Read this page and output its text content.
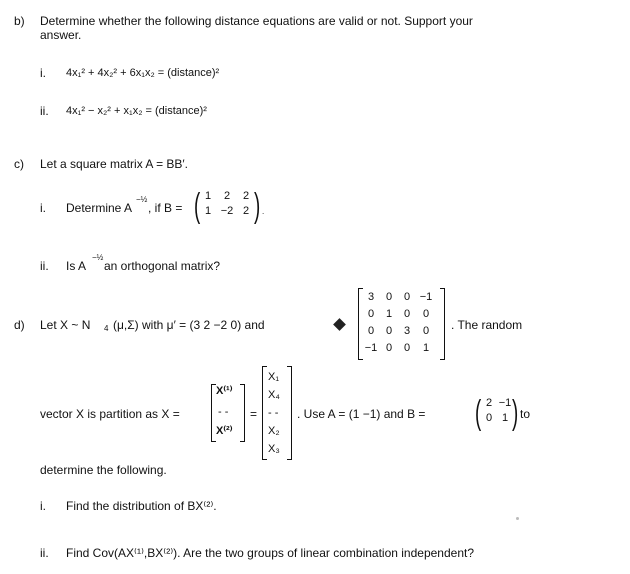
b) Determine whether the following distance equations are valid or not. Support your
answer.
i. 4x₁² + 4x₂² + 6x₁x₂ = (distance)²
ii. 4x₁² − x₂² + x₁x₂ = (distance)²
c) Let a square matrix A = BB′.
i. Determine A
−½
, if B = ( 1	2	2
1 −2 2 ) .
ii. Is A
−½
an orthogonal matrix?
d) Let X ~ N 4 (μ,Σ) with μ′ = (3 2 −2 0) and
3	0	0 −1
0	1	0	0
0	0	3	0
−1 0	0	1
. The random
vector X is partition as X =
X⁽¹⁾
- -
X⁽²⁾
=
X₁
X₄
- -
X₂
X₃
. Use A = (1 −1) and B = ( 2 −1
0 1 ) to
determine the following.
i. Find the distribution of BX⁽²⁾.
ii. Find Cov(AX⁽¹⁾,BX⁽²⁾). Are the two groups of linear combination independent?
